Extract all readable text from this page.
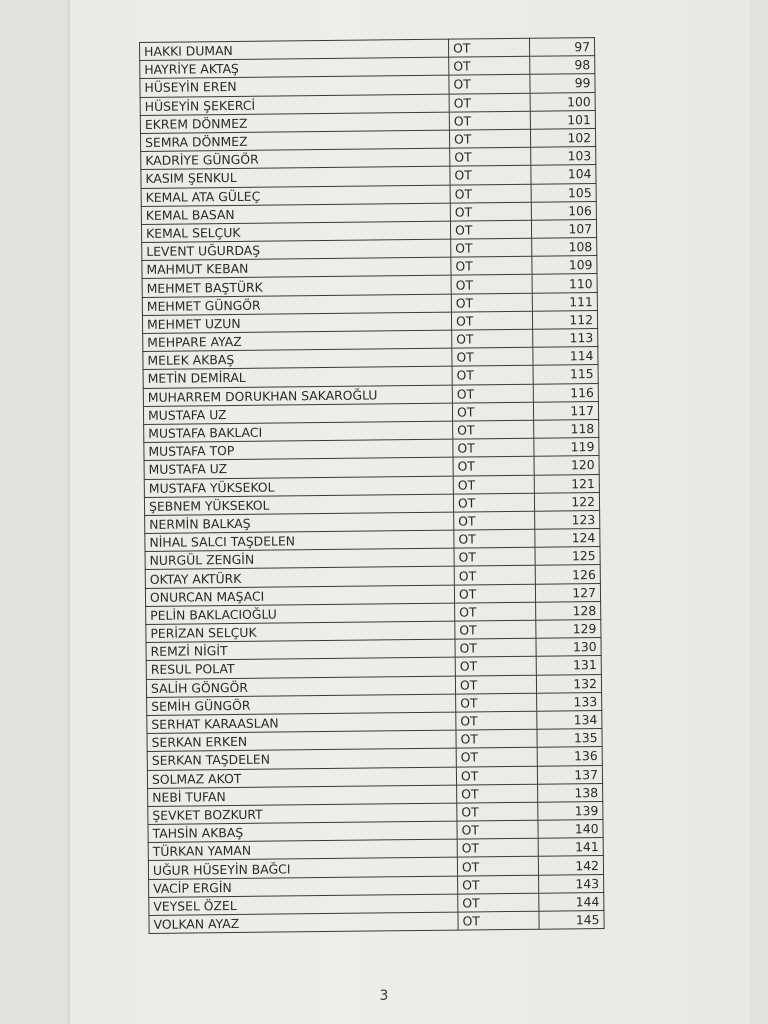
HAKKI DUMAN	OT	97
HAYRİYE AKTAŞ	OT	98
HÜSEYİN EREN	OT	99
HÜSEYİN ŞEKERCİ	OT	100
EKREM DÖNMEZ	OT	101
SEMRA DÖNMEZ	OT	102
KADRİYE GÜNGÖR	OT	103
KASIM ŞENKUL	OT	104
KEMAL ATA GÜLEÇ	OT	105
KEMAL BASAN	OT	106
KEMAL SELÇUK	OT	107
LEVENT UĞURDAŞ	OT	108
MAHMUT KEBAN	OT	109
MEHMET BAŞTÜRK	OT	110
MEHMET GÜNGÖR	OT	111
MEHMET UZUN	OT	112
MEHPARE AYAZ	OT	113
MELEK AKBAŞ	OT	114
METİN DEMİRAL	OT	115
MUHARREM DORUKHAN SAKAROĞLU	OT	116
MUSTAFA UZ	OT	117
MUSTAFA BAKLACI	OT	118
MUSTAFA TOP	OT	119
MUSTAFA UZ	OT	120
MUSTAFA YÜKSEKOL	OT	121
ŞEBNEM YÜKSEKOL	OT	122
NERMİN BALKAŞ	OT	123
NİHAL SALCI TAŞDELEN	OT	124
NURGÜL ZENGİN	OT	125
OKTAY AKTÜRK	OT	126
ONURCAN MAŞACI	OT	127
PELİN BAKLACIOĞLU	OT	128
PERİZAN SELÇUK	OT	129
REMZİ NİGİT	OT	130
RESUL POLAT	OT	131
SALİH GÖNGÖR	OT	132
SEMİH GÜNGÖR	OT	133
SERHAT KARAASLAN	OT	134
SERKAN ERKEN	OT	135
SERKAN TAŞDELEN	OT	136
SOLMAZ AKOT	OT	137
NEBİ TUFAN	OT	138
ŞEVKET BOZKURT	OT	139
TAHSİN AKBAŞ	OT	140
TÜRKAN YAMAN	OT	141
UĞUR HÜSEYİN BAĞCI	OT	142
VACİP ERGİN	OT	143
VEYSEL ÖZEL	OT	144
VOLKAN AYAZ	OT	145
3
